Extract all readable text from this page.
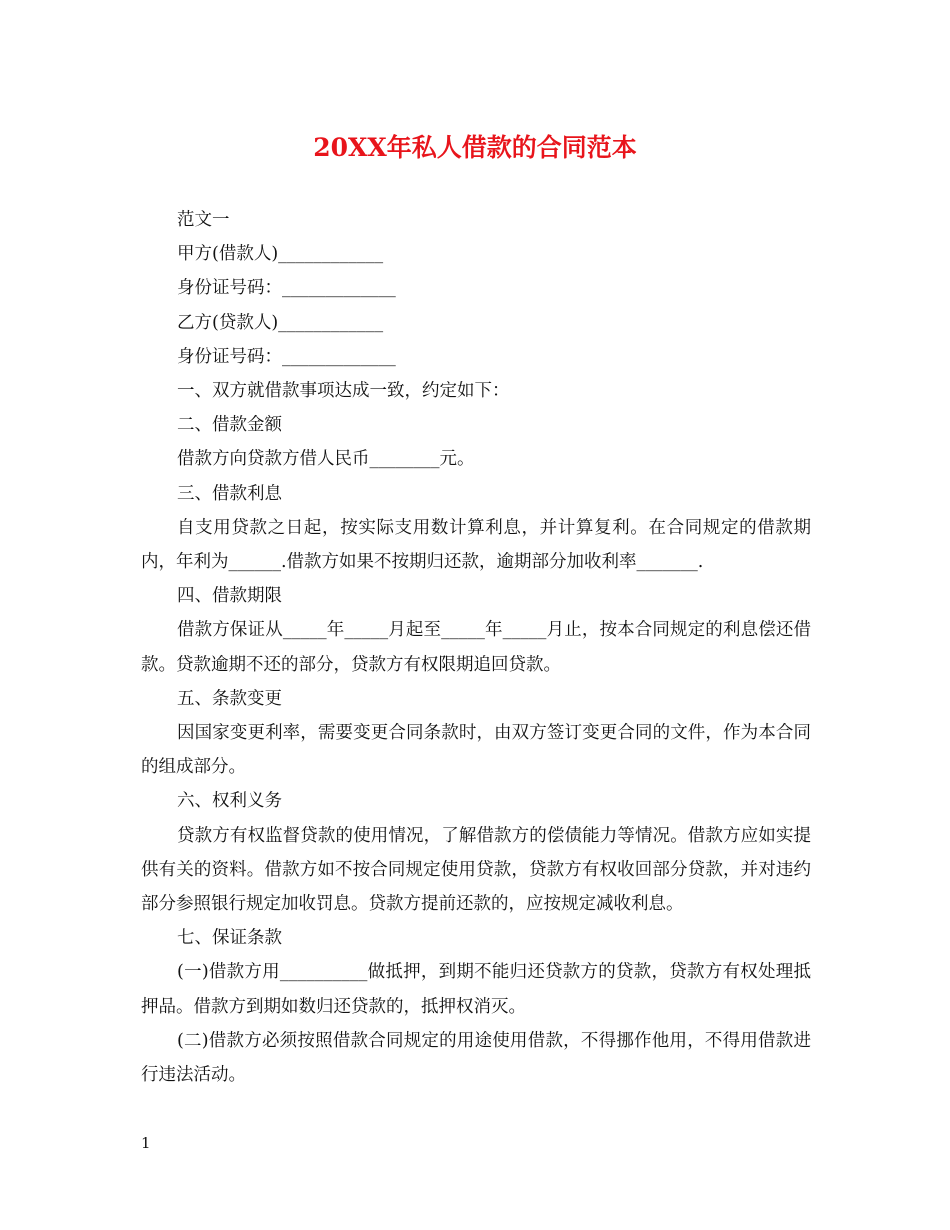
20XX年私人借款的合同范本

范文一

甲方(借款人)____________

身份证号码：_____________

乙方(贷款人)____________

身份证号码：_____________

一、双方就借款事项达成一致，约定如下：

二、借款金额

借款方向贷款方借人民币________元。

三、借款利息

自支用贷款之日起，按实际支用数计算利息，并计算复利。在合同规定的借款期内，年利为______.借款方如果不按期归还款，逾期部分加收利率_______.

四、借款期限

借款方保证从_____年_____月起至_____年_____月止，按本合同规定的利息偿还借款。贷款逾期不还的部分，贷款方有权限期追回贷款。

五、条款变更

因国家变更利率，需要变更合同条款时，由双方签订变更合同的文件，作为本合同的组成部分。

六、权利义务

贷款方有权监督贷款的使用情况，了解借款方的偿债能力等情况。借款方应如实提供有关的资料。借款方如不按合同规定使用贷款，贷款方有权收回部分贷款，并对违约部分参照银行规定加收罚息。贷款方提前还款的，应按规定减收利息。

七、保证条款

(一)借款方用__________做抵押，到期不能归还贷款方的贷款，贷款方有权处理抵押品。借款方到期如数归还贷款的，抵押权消灭。

(二)借款方必须按照借款合同规定的用途使用借款，不得挪作他用，不得用借款进行违法活动。

1
